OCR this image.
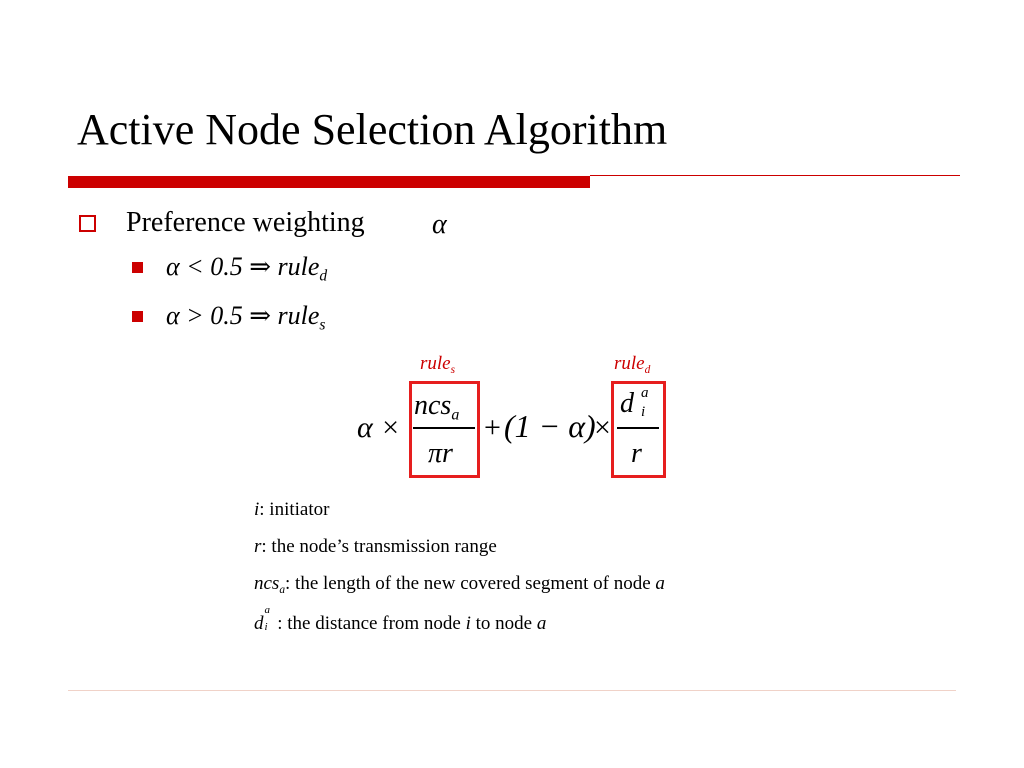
Active Node Selection Algorithm
Preference weighting α
α < 0.5 ⇒ rule$_d$
α > 0.5 ⇒ rule$_s$
rule$_s$	rule$_d$
α ×
ncs$_a$
πr
+ (1 − α)
×
d a
i
r
i: initiator
r: the node’s transmission range
ncs$_a$: the length of the new covered segment of node a
d
a
i : the distance from node i to node a
